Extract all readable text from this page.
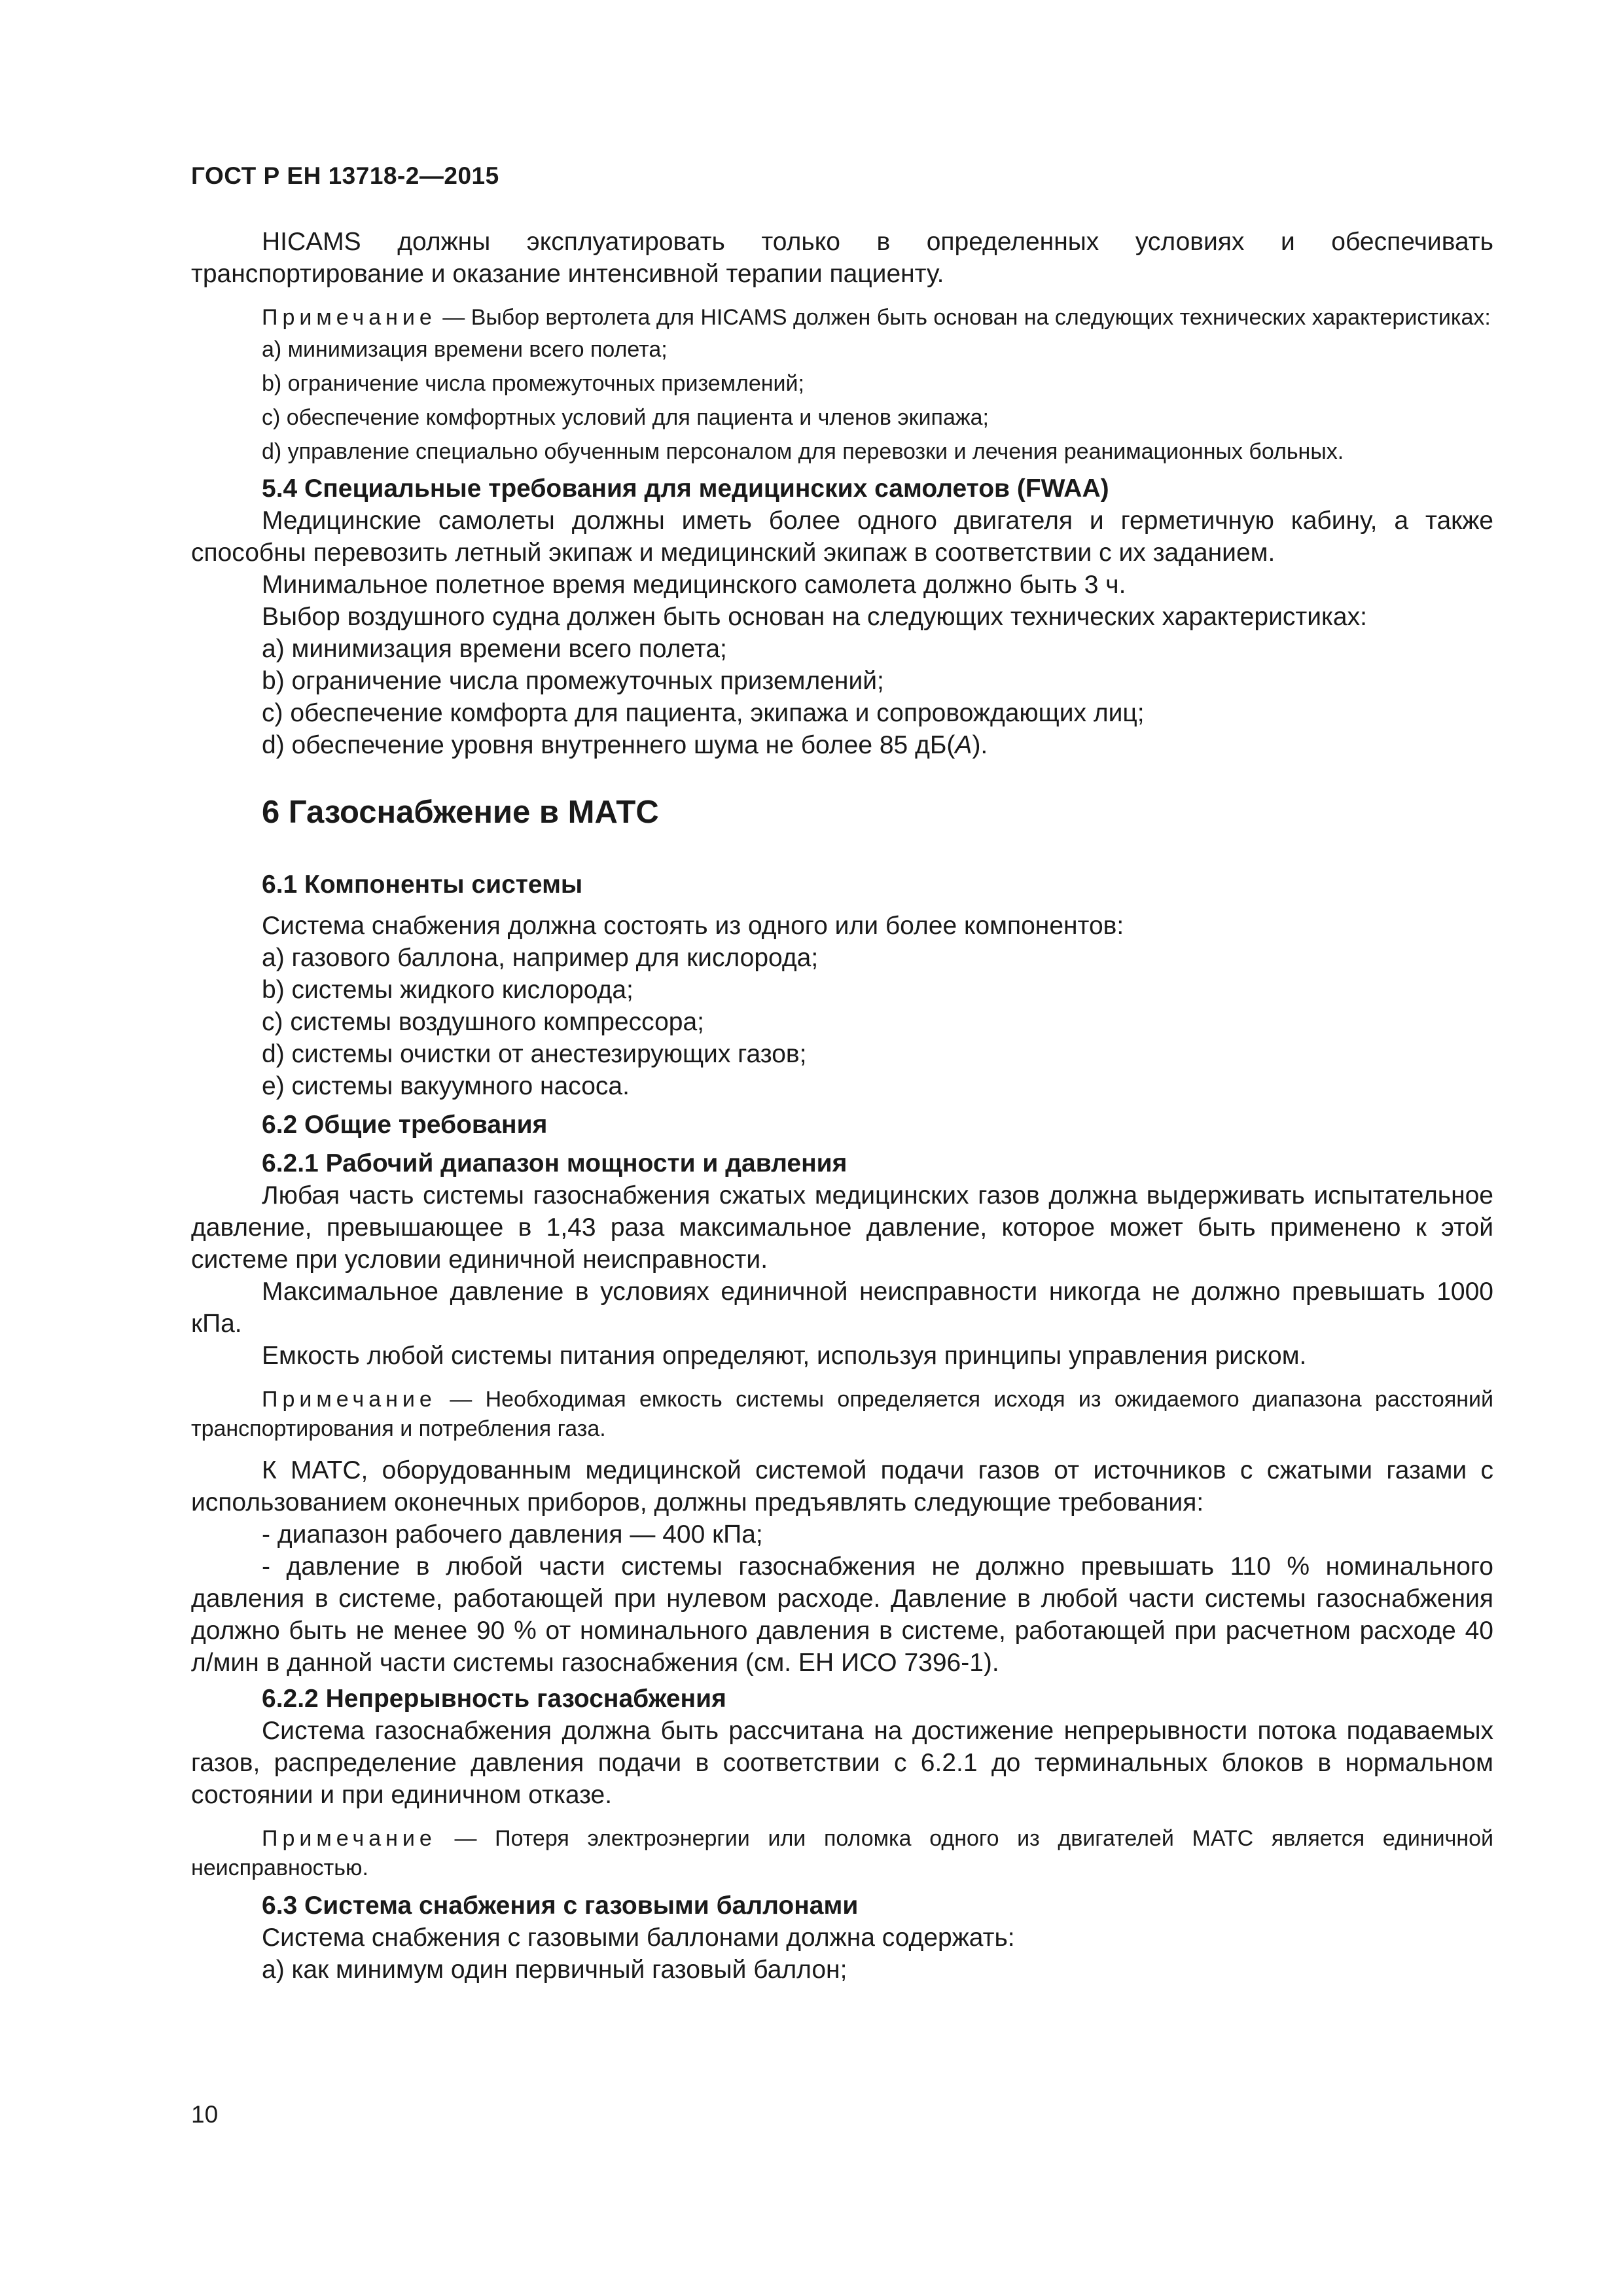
ГОСТ Р ЕН 13718-2—2015

HICAMS должны эксплуатировать только в определенных условиях и обеспечивать транспортирование и оказание интенсивной терапии пациенту.

Примечание — Выбор вертолета для HICAMS должен быть основан на следующих технических характеристиках:

a) минимизация времени всего полета;

b) ограничение числа промежуточных приземлений;

c) обеспечение комфортных условий для пациента и членов экипажа;

d) управление специально обученным персоналом для перевозки и лечения реанимационных больных.

5.4 Специальные требования для медицинских самолетов (FWAA)

Медицинские самолеты должны иметь более одного двигателя и герметичную кабину, а также способны перевозить летный экипаж и медицинский экипаж в соответствии с их заданием.

Минимальное полетное время медицинского самолета должно быть 3 ч.

Выбор воздушного судна должен быть основан на следующих технических характеристиках:

a) минимизация времени всего полета;

b) ограничение числа промежуточных приземлений;

c) обеспечение комфорта для пациента, экипажа и сопровождающих лиц;

d) обеспечение уровня внутреннего шума не более 85 дБ(A).

6 Газоснабжение в МАТС

6.1 Компоненты системы

Система снабжения должна состоять из одного или более компонентов:

a) газового баллона, например для кислорода;

b) системы жидкого кислорода;

c) системы воздушного компрессора;

d) системы очистки от анестезирующих газов;

e) системы вакуумного насоса.

6.2 Общие требования

6.2.1 Рабочий диапазон мощности и давления

Любая часть системы газоснабжения сжатых медицинских газов должна выдерживать испытательное давление, превышающее в 1,43 раза максимальное давление, которое может быть применено к этой системе при условии единичной неисправности.

Максимальное давление в условиях единичной неисправности никогда не должно превышать 1000 кПа.

Емкость любой системы питания определяют, используя принципы управления риском.

Примечание — Необходимая емкость системы определяется исходя из ожидаемого диапазона расстояний транспортирования и потребления газа.

К МАТС, оборудованным медицинской системой подачи газов от источников с сжатыми газами с использованием оконечных приборов, должны предъявлять следующие требования:

- диапазон рабочего давления — 400 кПа;

- давление в любой части системы газоснабжения не должно превышать 110 % номинального давления в системе, работающей при нулевом расходе. Давление в любой части системы газоснабжения должно быть не менее 90 % от номинального давления в системе, работающей при расчетном расходе 40 л/мин в данной части системы газоснабжения (см. ЕН ИСО 7396-1).

6.2.2 Непрерывность газоснабжения

Система газоснабжения должна быть рассчитана на достижение непрерывности потока подаваемых газов, распределение давления подачи в соответствии с 6.2.1 до терминальных блоков в нормальном состоянии и при единичном отказе.

Примечание — Потеря электроэнергии или поломка одного из двигателей МАТС является единичной неисправностью.

6.3 Система снабжения с газовыми баллонами

Система снабжения с газовыми баллонами должна содержать:

a) как минимум один первичный газовый баллон;

10
